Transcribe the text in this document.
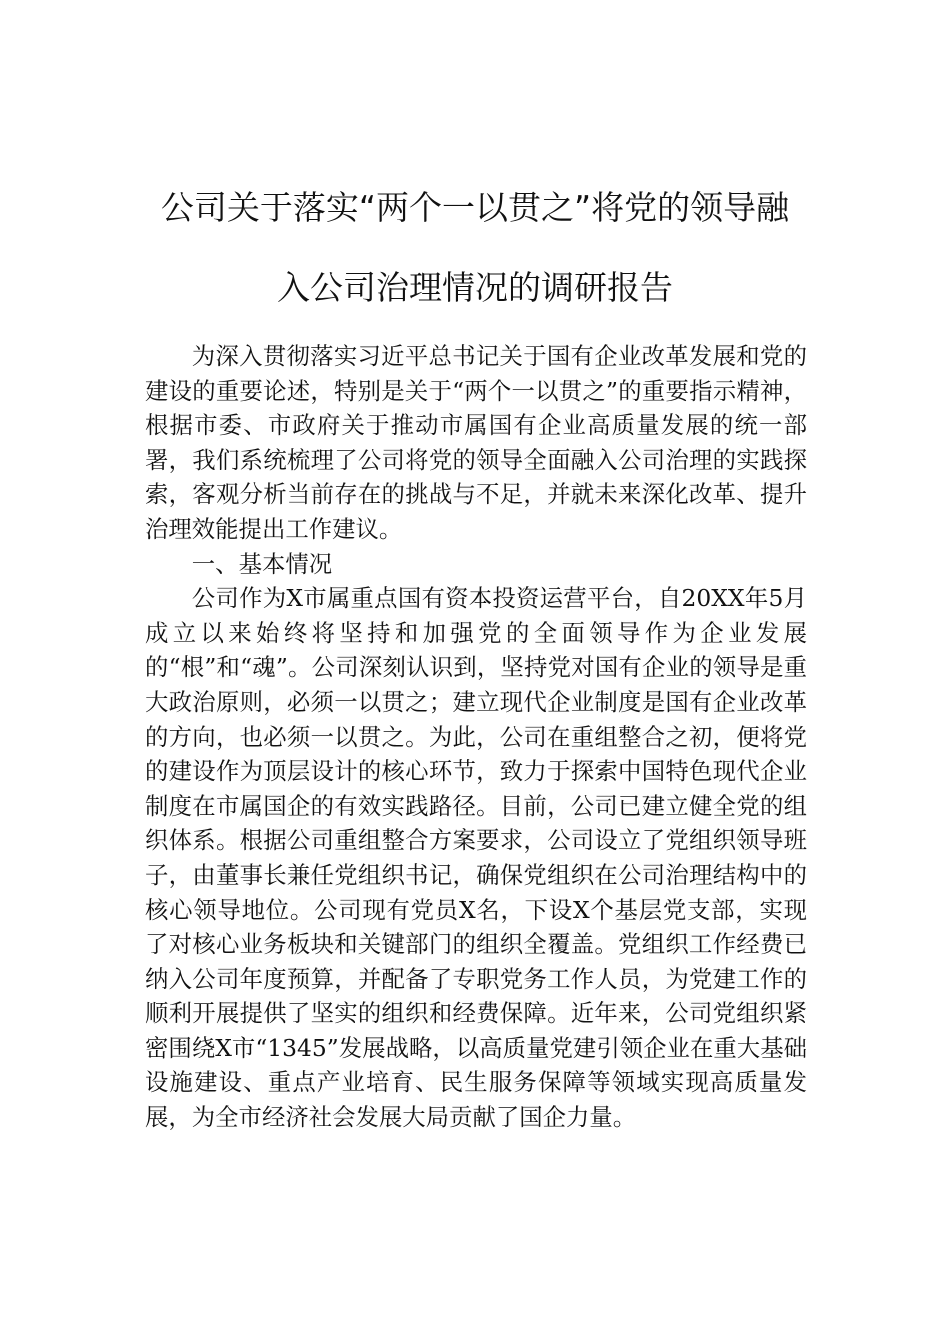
公司关于落实“两个一以贯之”将党的领导融
入公司治理情况的调研报告

为深入贯彻落实习近平总书记关于国有企业改革发展和党的建设的重要论述，特别是关于“两个一以贯之”的重要指示精神，根据市委、市政府关于推动市属国有企业高质量发展的统一部署，我们系统梳理了公司将党的领导全面融入公司治理的实践探索，客观分析当前存在的挑战与不足，并就未来深化改革、提升治理效能提出工作建议。

一、基本情况

公司作为X市属重点国有资本投资运营平台，自20XX年5月成立以来始终将坚持和加强党的全面领导作为企业发展的“根”和“魂”。公司深刻认识到，坚持党对国有企业的领导是重大政治原则，必须一以贯之；建立现代企业制度是国有企业改革的方向，也必须一以贯之。为此，公司在重组整合之初，便将党的建设作为顶层设计的核心环节，致力于探索中国特色现代企业制度在市属国企的有效实践路径。目前，公司已建立健全党的组织体系。根据公司重组整合方案要求，公司设立了党组织领导班子，由董事长兼任党组织书记，确保党组织在公司治理结构中的核心领导地位。公司现有党员X名，下设X个基层党支部，实现了对核心业务板块和关键部门的组织全覆盖。党组织工作经费已纳入公司年度预算，并配备了专职党务工作人员，为党建工作的顺利开展提供了坚实的组织和经费保障。近年来，公司党组织紧密围绕X市“1345”发展战略，以高质量党建引领企业在重大基础设施建设、重点产业培育、民生服务保障等领域实现高质量发展，为全市经济社会发展大局贡献了国企力量。
